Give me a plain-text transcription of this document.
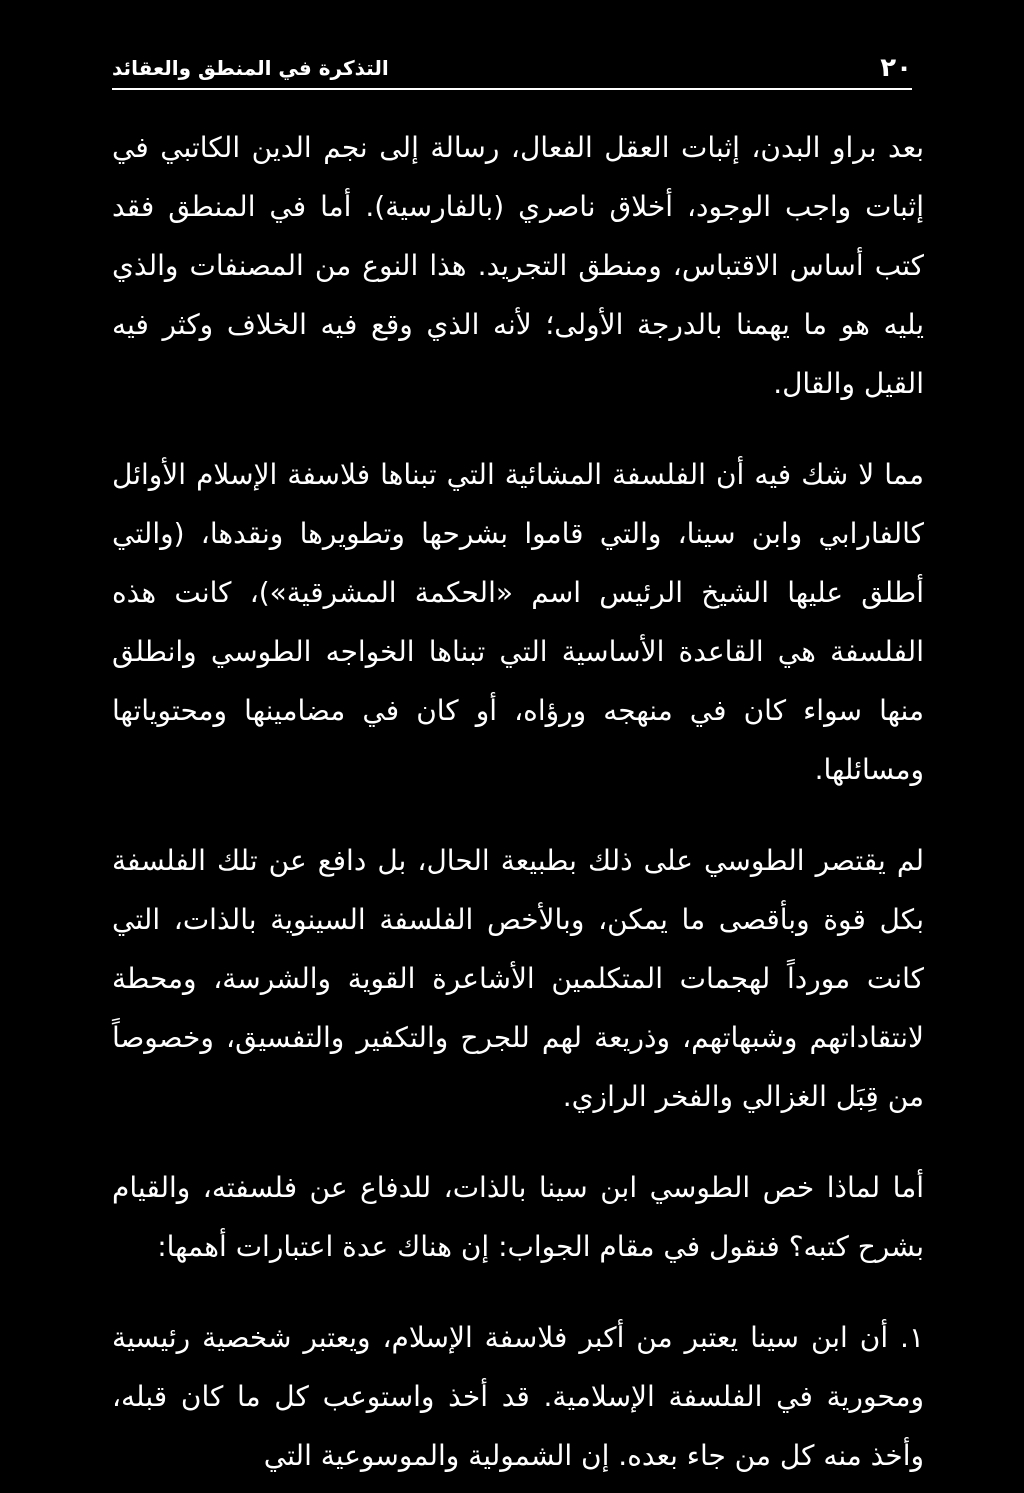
٢٠
التذكرة في المنطق والعقائد

بعد براو البدن، إثبات العقل الفعال، رسالة إلى نجم الدين الكاتبي في إثبات واجب الوجود، أخلاق ناصري (بالفارسية). أما في المنطق فقد كتب أساس الاقتباس، ومنطق التجريد. هذا النوع من المصنفات والذي يليه هو ما يهمنا بالدرجة الأولى؛ لأنه الذي وقع فيه الخلاف وكثر فيه القيل والقال.

مما لا شك فيه أن الفلسفة المشائية التي تبناها فلاسفة الإسلام الأوائل كالفارابي وابن سينا، والتي قاموا بشرحها وتطويرها ونقدها، (والتي أطلق عليها الشيخ الرئيس اسم «الحكمة المشرقية»)، كانت هذه الفلسفة هي القاعدة الأساسية التي تبناها الخواجه الطوسي وانطلق منها سواء كان في منهجه ورؤاه، أو كان في مضامينها ومحتوياتها ومسائلها.

لم يقتصر الطوسي على ذلك بطبيعة الحال، بل دافع عن تلك الفلسفة بكل قوة وبأقصى ما يمكن، وبالأخص الفلسفة السينوية بالذات، التي كانت مورداً لهجمات المتكلمين الأشاعرة القوية والشرسة، ومحطة لانتقاداتهم وشبهاتهم، وذريعة لهم للجرح والتكفير والتفسيق، وخصوصاً من قِبَل الغزالي والفخر الرازي.

أما لماذا خص الطوسي ابن سينا بالذات، للدفاع عن فلسفته، والقيام بشرح كتبه؟ فنقول في مقام الجواب: إن هناك عدة اعتبارات أهمها:

١. أن ابن سينا يعتبر من أكبر فلاسفة الإسلام، ويعتبر شخصية رئيسية ومحورية في الفلسفة الإسلامية. قد أخذ واستوعب كل ما كان قبله، وأخذ منه كل من جاء بعده. إن الشمولية والموسوعية التي
